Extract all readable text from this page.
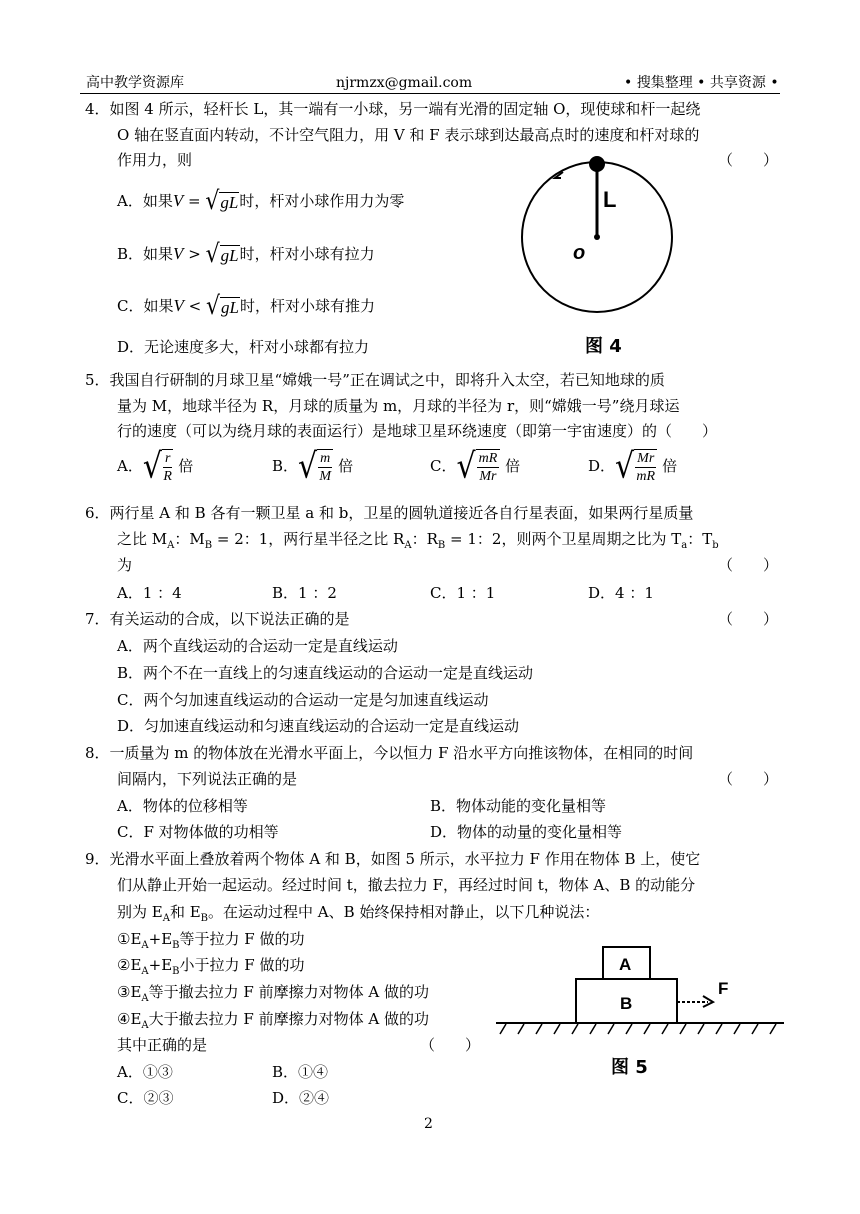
高中教学资源库	njrmzx@gmail.com	• 搜集整理 • 共享资源 •
4．如图 4 所示，轻杆长 L，其一端有一小球，另一端有光滑的固定轴 O，现使球和杆一起绕
O 轴在竖直面内转动，不计空气阻力，用 V 和 F 表示球到达最高点时的速度和杆对球的
作用力，则	（　　）
A．如果V = √ gL 时，杆对小球作用力为零
B．如果V > √ gL 时，杆对小球有拉力
C．如果V < √ gL 时，杆对小球有推力
D．无论速度多大，杆对小球都有拉力
L
o
图 4
5．我国自行研制的月球卫星“嫦娥一号”正在调试之中，即将升入太空，若已知地球的质
量为 M，地球半径为 R，月球的质量为 m，月球的半径为 r，则“嫦娥一号”绕月球运
行的速度（可以为绕月球的表面运行）是地球卫星环绕速度（即第一宇宙速度）的（　　）
A． √ $\frac{r}{R}$ 倍	B． √ $\frac{m}{M}$ 倍	C． √ $\frac{mR}{Mr}$ 倍	D． √ $\frac{Mr}{mR}$ 倍
6．两行星 A 和 B 各有一颗卫星 a 和 b，卫星的圆轨道接近各自行星表面，如果两行星质量
之比 $M_A$：$M_B = 2$：1，两行星半径之比 $R_A$：$R_B = 1$：2，则两个卫星周期之比为 $T_a$：$T_b$
为	（　　）
A．1 ：4	B．1 ：2	C．1 ：1	D．4 ：1
7．有关运动的合成，以下说法正确的是	（　　）
A．两个直线运动的合运动一定是直线运动
B．两个不在一直线上的匀速直线运动的合运动一定是直线运动
C．两个匀加速直线运动的合运动一定是匀加速直线运动
D．匀加速直线运动和匀速直线运动的合运动一定是直线运动
8．一质量为 m 的物体放在光滑水平面上，今以恒力 F 沿水平方向推该物体，在相同的时间
间隔内，下列说法正确的是	（　　）
A．物体的位移相等	B．物体动能的变化量相等
C．F 对物体做的功相等	D．物体的动量的变化量相等
9．光滑水平面上叠放着两个物体 A 和 B，如图 5 所示，水平拉力 F 作用在物体 B 上，使它
们从静止开始一起运动。经过时间 t，撤去拉力 F，再经过时间 t，物体 A、B 的动能分
别为 $E_A$和 $E_B$。在运动过程中 A、B 始终保持相对静止，以下几种说法：
$①E_A+E_B$等于拉力 F 做的功
$②E_A+E_B$小于拉力 F 做的功
$③E_A$等于撤去拉力 F 前摩擦力对物体 A 做的功
$④E_A$大于撤去拉力 F 前摩擦力对物体 A 做的功
其中正确的是	（　　）
A．①③	B．①④
C．②③	D．②④
A
B
F
图 5
2
